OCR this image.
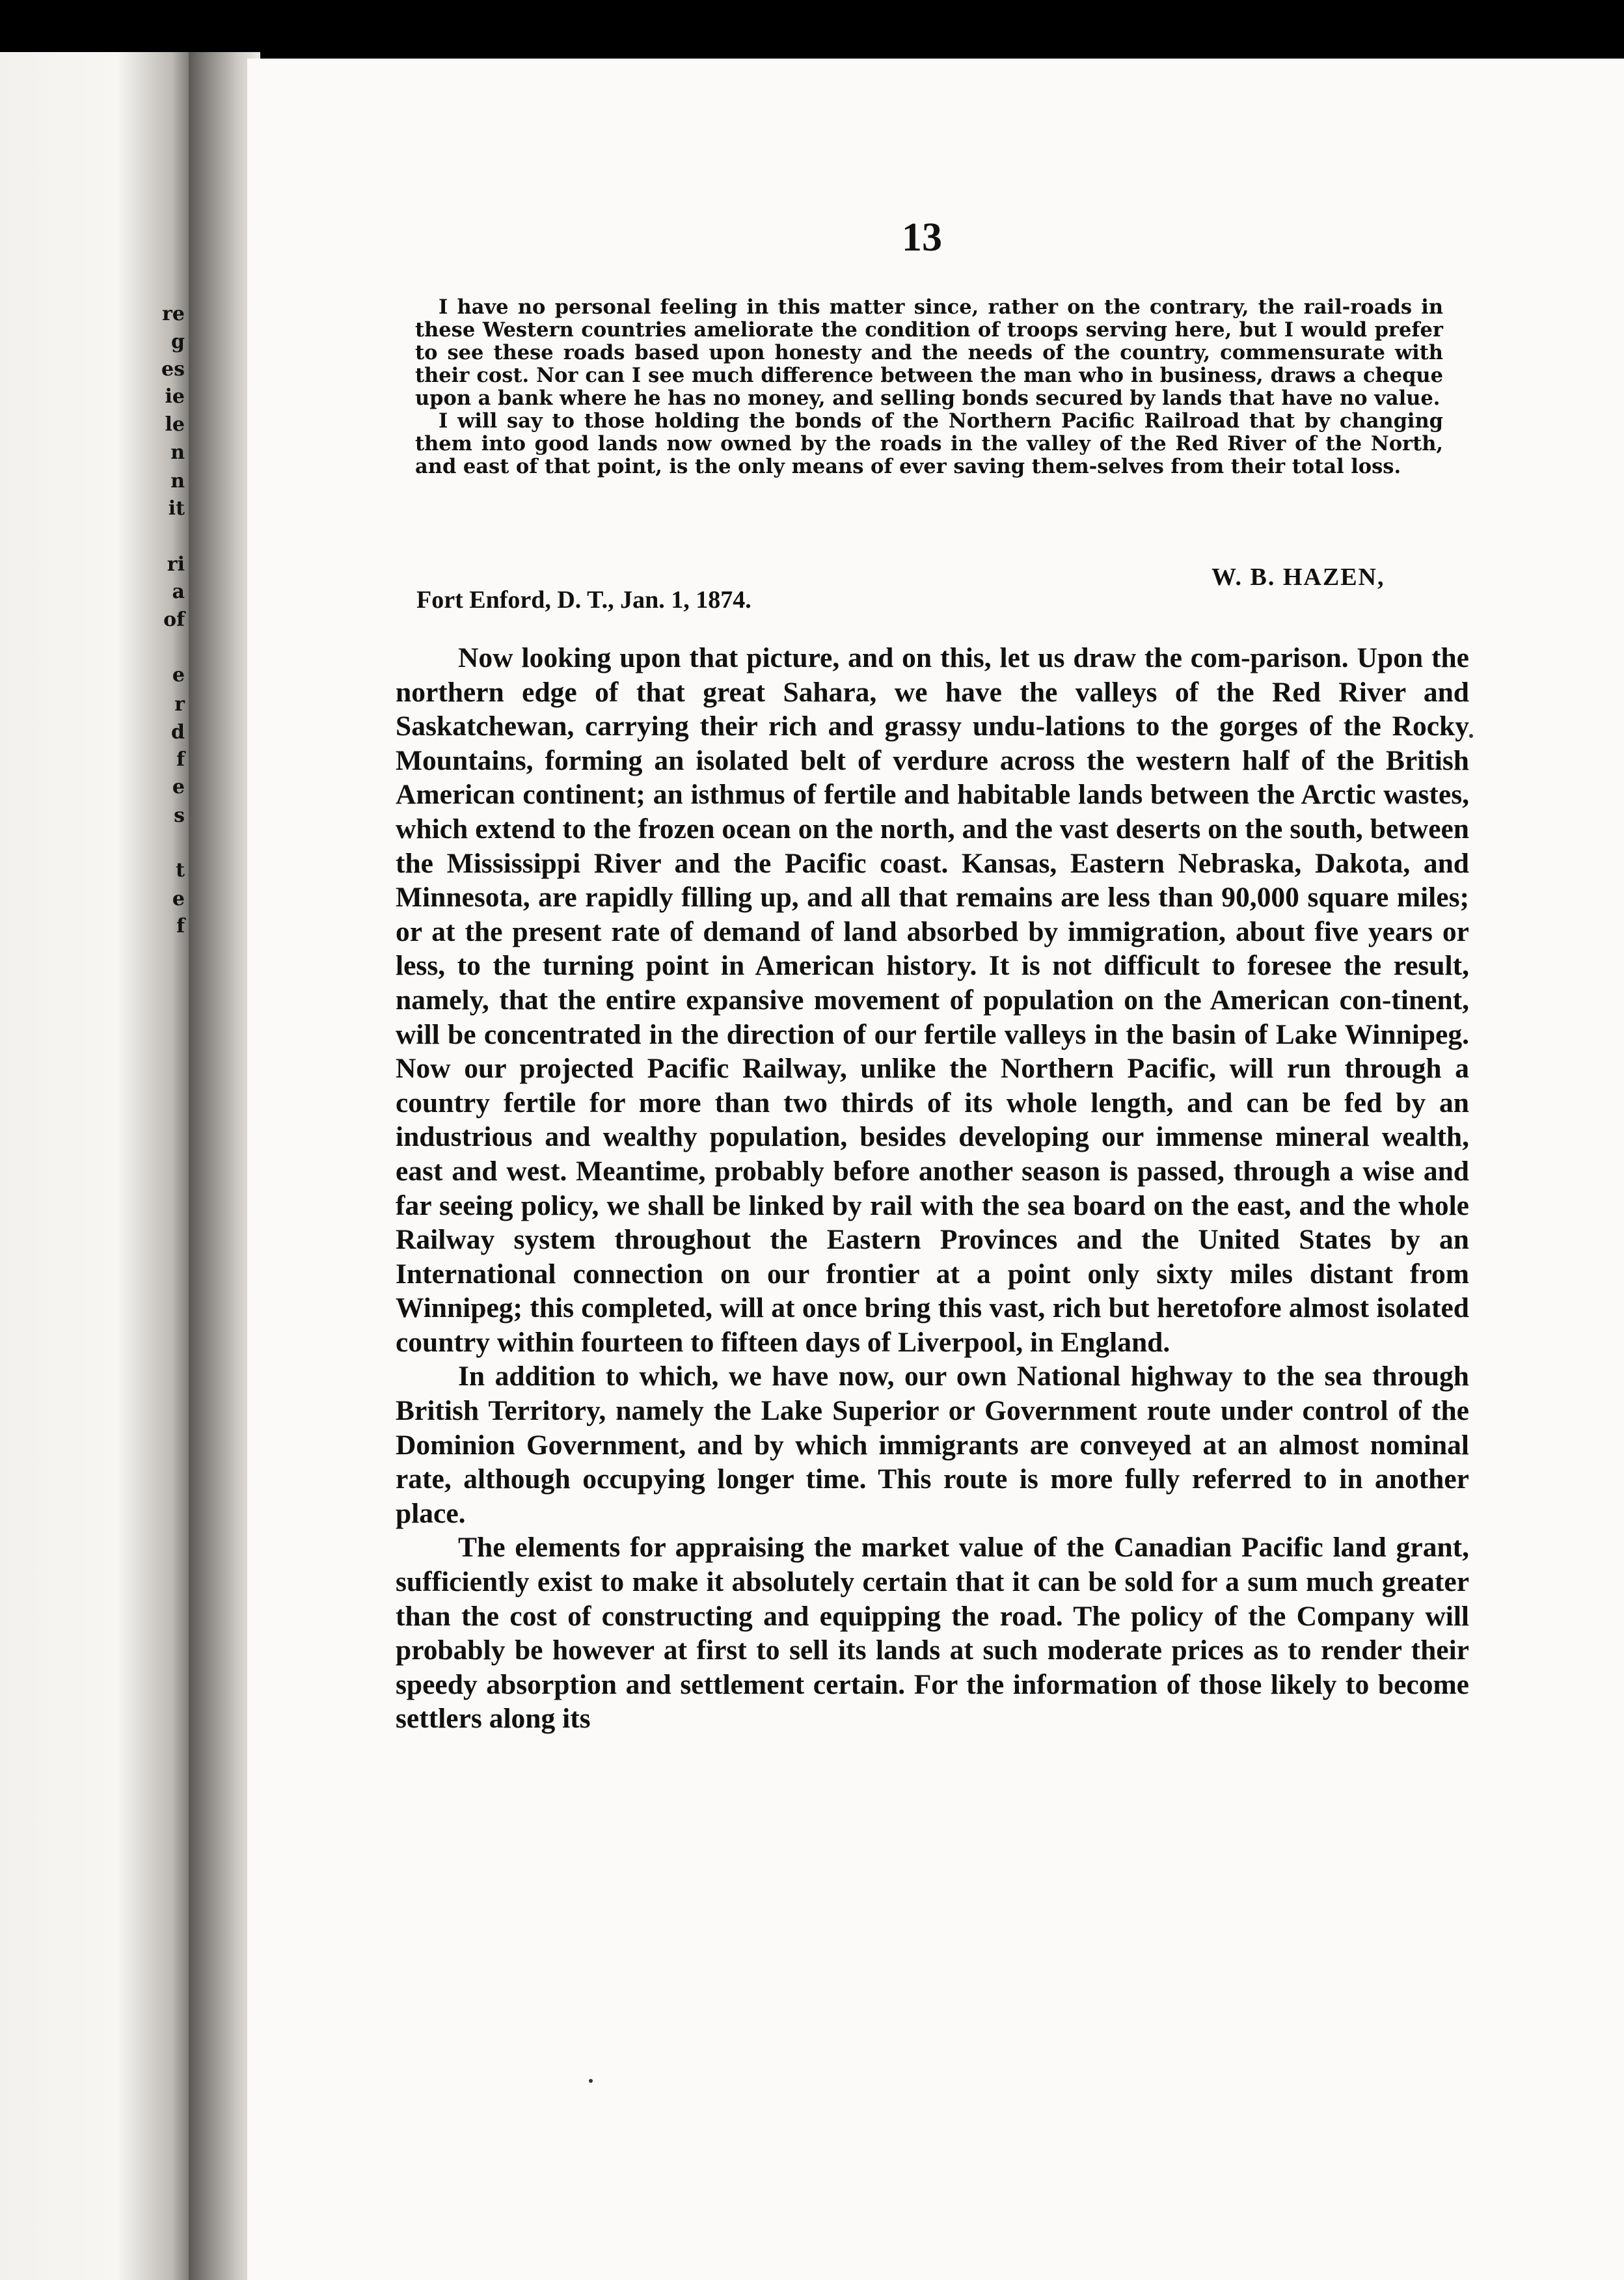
re
g
es
ie
le
n
n
it
ri
a
of
e
r
d
f
e
s
t
e
f
13

I have no personal feeling in this matter since, rather on the contrary, the rail-roads in these Western countries ameliorate the condition of troops serving here, but I would prefer to see these roads based upon honesty and the needs of the country, commensurate with their cost. Nor can I see much difference between the man who in business, draws a cheque upon a bank where he has no money, and selling bonds secured by lands that have no value.

I will say to those holding the bonds of the Northern Pacific Railroad that by changing them into good lands now owned by the roads in the valley of the Red River of the North, and east of that point, is the only means of ever saving them-selves from their total loss.

W. B. HAZEN,
Fort Enford, D. T., Jan. 1, 1874.

Now looking upon that picture, and on this, let us draw the com-parison. Upon the northern edge of that great Sahara, we have the valleys of the Red River and Saskatchewan, carrying their rich and grassy undu-lations to the gorges of the Rocky Mountains, forming an isolated belt of verdure across the western half of the British American continent; an isthmus of fertile and habitable lands between the Arctic wastes, which extend to the frozen ocean on the north, and the vast deserts on the south, between the Mississippi River and the Pacific coast. Kansas, Eastern Nebraska, Dakota, and Minnesota, are rapidly filling up, and all that remains are less than 90,000 square miles; or at the present rate of demand of land absorbed by immigration, about five years or less, to the turning point in American history. It is not difficult to foresee the result, namely, that the entire expansive movement of population on the American con-tinent, will be concentrated in the direction of our fertile valleys in the basin of Lake Winnipeg. Now our projected Pacific Railway, unlike the Northern Pacific, will run through a country fertile for more than two thirds of its whole length, and can be fed by an industrious and wealthy population, besides developing our immense mineral wealth, east and west. Meantime, probably before another season is passed, through a wise and far seeing policy, we shall be linked by rail with the sea board on the east, and the whole Railway system throughout the Eastern Provinces and the United States by an International connection on our frontier at a point only sixty miles distant from Winnipeg; this completed, will at once bring this vast, rich but heretofore almost isolated country within fourteen to fifteen days of Liverpool, in England.

In addition to which, we have now, our own National highway to the sea through British Territory, namely the Lake Superior or Government route under control of the Dominion Government, and by which immigrants are conveyed at an almost nominal rate, although occupying longer time. This route is more fully referred to in another place.

The elements for appraising the market value of the Canadian Pacific land grant, sufficiently exist to make it absolutely certain that it can be sold for a sum much greater than the cost of constructing and equipping the road. The policy of the Company will probably be however at first to sell its lands at such moderate prices as to render their speedy absorption and settlement certain. For the information of those likely to become settlers along its
